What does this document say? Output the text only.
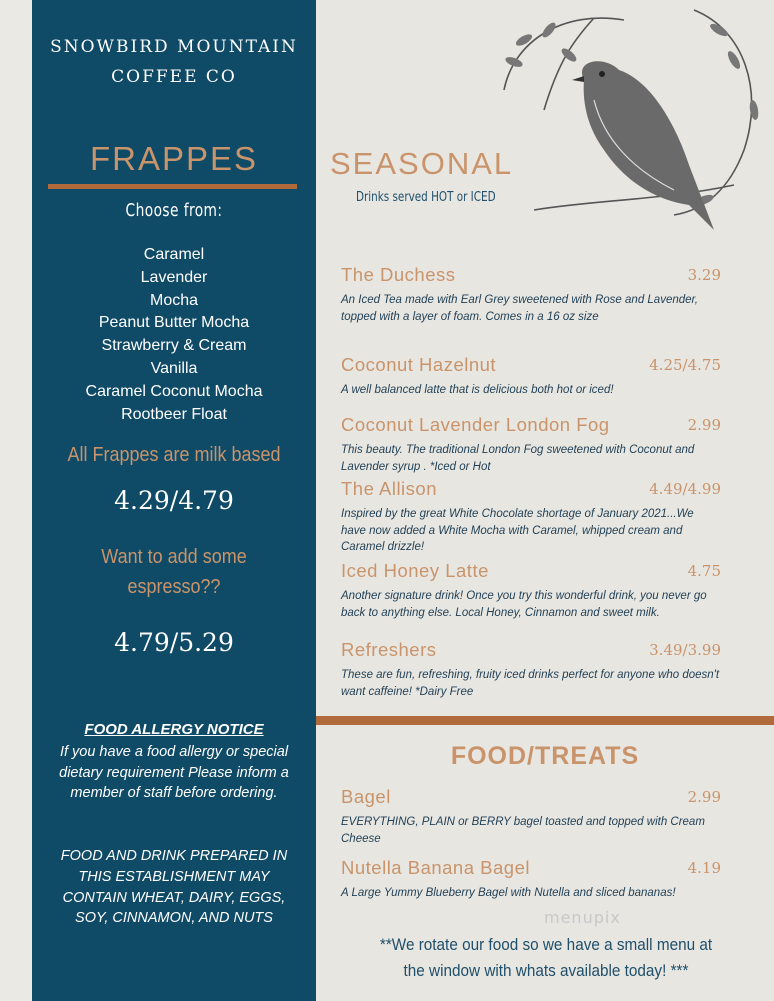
SNOWBIRD MOUNTAIN
COFFEE CO
FRAPPES
Choose from:
Caramel
Lavender
Mocha
Peanut Butter Mocha
Strawberry & Cream
Vanilla
Caramel Coconut Mocha
Rootbeer Float
All Frappes are milk based
4.29/4.79
Want to add some
espresso??
4.79/5.29
FOOD ALLERGY NOTICE
If you have a food allergy or special dietary requirement Please inform a member of staff before ordering.
FOOD AND DRINK PREPARED IN THIS ESTABLISHMENT MAY CONTAIN WHEAT, DAIRY, EGGS, SOY, CINNAMON, AND NUTS
SEASONAL
Drinks served HOT or ICED
The Duchess	3.29
An Iced Tea made with Earl Grey sweetened with Rose and Lavender, topped with a layer of foam. Comes in a 16 oz size
Coconut Hazelnut	4.25/4.75
A well balanced latte that is delicious both hot or iced!
Coconut Lavender London Fog	2.99
This beauty. The traditional London Fog sweetened with Coconut and Lavender syrup . *Iced or Hot
The Allison	4.49/4.99
Inspired by the great White Chocolate shortage of January 2021...We have now added a White Mocha with Caramel, whipped cream and Caramel drizzle!
Iced Honey Latte	4.75
Another signature drink! Once you try this wonderful drink, you never go back to anything else. Local Honey, Cinnamon and sweet milk.
Refreshers	3.49/3.99
These are fun, refreshing, fruity iced drinks perfect for anyone who doesn't want caffeine! *Dairy Free
FOOD/TREATS
Bagel	2.99
EVERYTHING, PLAIN or BERRY bagel toasted and topped with Cream Cheese
Nutella Banana Bagel	4.19
A Large Yummy Blueberry Bagel with Nutella and sliced bananas!
menupix
**We rotate our food so we have a small menu at
the window with whats available today! ***
